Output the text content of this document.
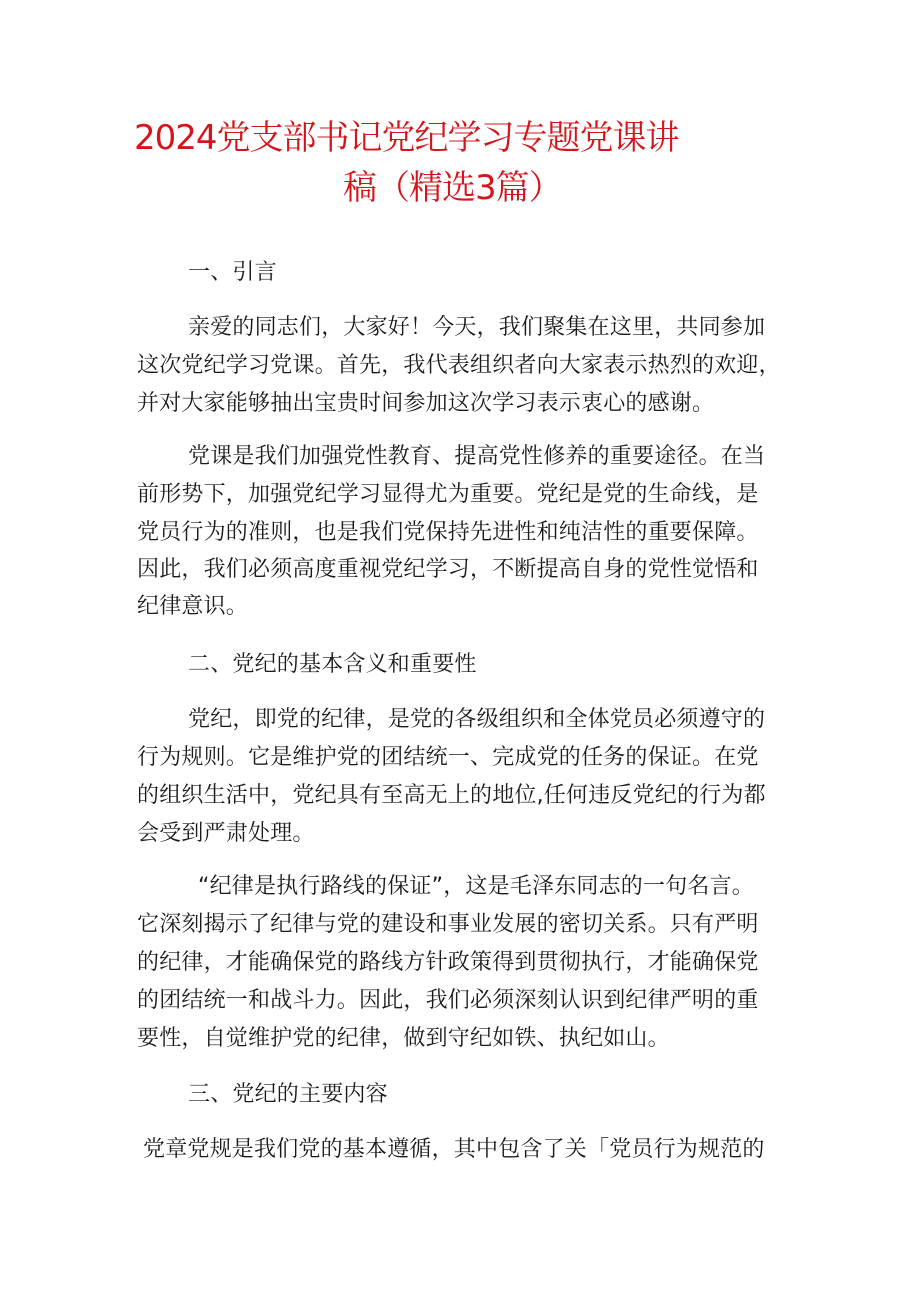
2024党支部书记党纪学习专题党课讲
稿（精选3篇）
一、引言
亲爱的同志们，大家好！今天，我们聚集在这里，共同参加
这次党纪学习党课。首先，我代表组织者向大家表示热烈的欢迎，
并对大家能够抽出宝贵时间参加这次学习表示衷心的感谢。
党课是我们加强党性教育、提高党性修养的重要途径。在当
前形势下，加强党纪学习显得尤为重要。党纪是党的生命线，是
党员行为的准则，也是我们党保持先进性和纯洁性的重要保障。
因此，我们必须高度重视党纪学习，不断提高自身的党性觉悟和
纪律意识。
二、党纪的基本含义和重要性
党纪，即党的纪律，是党的各级组织和全体党员必须遵守的
行为规则。它是维护党的团结统一、完成党的任务的保证。在党
的组织生活中，党纪具有至高无上的地位,任何违反党纪的行为都
会受到严肃处理。
“纪律是执行路线的保证”，这是毛泽东同志的一句名言。
它深刻揭示了纪律与党的建设和事业发展的密切关系。只有严明
的纪律，才能确保党的路线方针政策得到贯彻执行，才能确保党
的团结统一和战斗力。因此，我们必须深刻认识到纪律严明的重
要性，自觉维护党的纪律，做到守纪如铁、执纪如山。
三、党纪的主要内容
党章党规是我们党的基本遵循，其中包含了关「党员行为规范的
